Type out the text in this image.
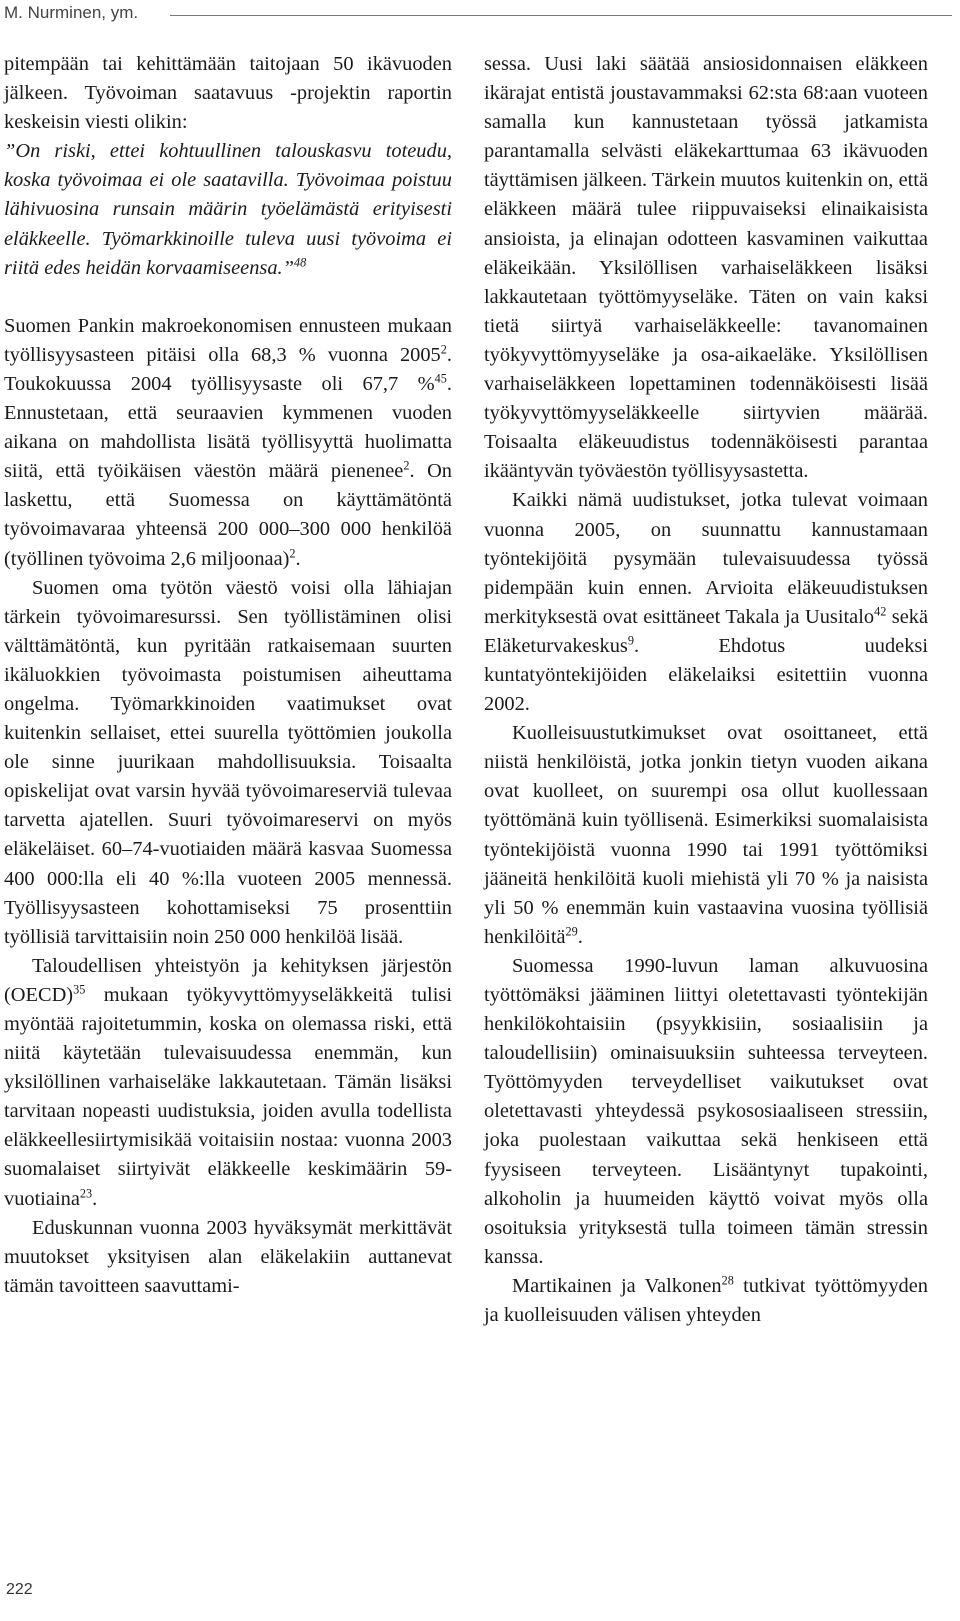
M. Nurminen, ym.

pitempään tai kehittämään taitojaan 50 ikävuoden jälkeen. Työvoiman saatavuus -projektin raportin keskeisin viesti olikin:

”On riski, ettei kohtuullinen talouskasvu toteudu, koska työvoimaa ei ole saatavilla. Työvoimaa poistuu lähivuosina runsain määrin työelämästä erityisesti eläkkeelle. Työmarkkinoille tuleva uusi työvoima ei riitä edes heidän korvaamiseensa.”$^{48}$

Suomen Pankin makroekonomisen ennusteen mukaan työllisyysasteen pitäisi olla 68,3 % vuonna 2005$^2$. Toukokuussa 2004 työllisyysaste oli 67,7 %$^{45}$. Ennustetaan, että seuraavien kymmenen vuoden aikana on mahdollista lisätä työllisyyttä huolimatta siitä, että työikäisen väestön määrä pienenee$^2$. On laskettu, että Suomessa on käyttämätöntä työvoimavaraa yhteensä 200 000–300 000 henkilöä (työllinen työvoima 2,6 miljoonaa)$^2$.

Suomen oma työtön väestö voisi olla lähiajan tärkein työvoimaresurssi. Sen työllistäminen olisi välttämätöntä, kun pyritään ratkaisemaan suurten ikäluokkien työvoimasta poistumisen aiheuttama ongelma. Työmarkkinoiden vaatimukset ovat kuitenkin sellaiset, ettei suurella työttömien joukolla ole sinne juurikaan mahdollisuuksia. Toisaalta opiskelijat ovat varsin hyvää työvoimareserviä tulevaa tarvetta ajatellen. Suuri työvoimareservi on myös eläkeläiset. 60–74-vuotiaiden määrä kasvaa Suomessa 400 000:lla eli 40 %:lla vuoteen 2005 mennessä. Työllisyysasteen kohottamiseksi 75 prosenttiin työllisiä tarvittaisiin noin 250 000 henkilöä lisää.

Taloudellisen yhteistyön ja kehityksen järjestön (OECD)$^{35}$ mukaan työkyvyttömyyseläkkeitä tulisi myöntää rajoitetummin, koska on olemassa riski, että niitä käytetään tulevaisuudessa enemmän, kun yksilöllinen varhaiseläke lakkautetaan. Tämän lisäksi tarvitaan nopeasti uudistuksia, joiden avulla todellista eläkkeellesiirtymisikää voitaisiin nostaa: vuonna 2003 suomalaiset siirtyivät eläkkeelle keskimäärin 59-vuotiaina$^{23}$.

Eduskunnan vuonna 2003 hyväksymät merkittävät muutokset yksityisen alan eläkelakiin auttanevat tämän tavoitteen saavuttami-

sessa. Uusi laki säätää ansiosidonnaisen eläkkeen ikärajat entistä joustavammaksi 62:sta 68:aan vuoteen samalla kun kannustetaan työssä jatkamista parantamalla selvästi eläkekarttumaa 63 ikävuoden täyttämisen jälkeen. Tärkein muutos kuitenkin on, että eläkkeen määrä tulee riippuvaiseksi elinaikaisista ansioista, ja elinajan odotteen kasvaminen vaikuttaa eläkeikään. Yksilöllisen varhaiseläkkeen lisäksi lakkautetaan työttömyyseläke. Täten on vain kaksi tietä siirtyä varhaiseläkkeelle: tavanomainen työkyvyttömyyseläke ja osa-aikaeläke. Yksilöllisen varhaiseläkkeen lopettaminen todennäköisesti lisää työkyvyttömyyseläkkeelle siirtyvien määrää. Toisaalta eläkeuudistus todennäköisesti parantaa ikääntyvän työväestön työllisyysastetta.

Kaikki nämä uudistukset, jotka tulevat voimaan vuonna 2005, on suunnattu kannustamaan työntekijöitä pysymään tulevaisuudessa työssä pidempään kuin ennen. Arvioita eläkeuudistuksen merkityksestä ovat esittäneet Takala ja Uusitalo$^{42}$ sekä Eläketurvakeskus$^9$. Ehdotus uudeksi kuntatyöntekijöiden eläkelaiksi esitettiin vuonna 2002.

Kuolleisuustutkimukset ovat osoittaneet, että niistä henkilöistä, jotka jonkin tietyn vuoden aikana ovat kuolleet, on suurempi osa ollut kuollessaan työttömänä kuin työllisenä. Esimerkiksi suomalaisista työntekijöistä vuonna 1990 tai 1991 työttömiksi jääneitä henkilöitä kuoli miehistä yli 70 % ja naisista yli 50 % enemmän kuin vastaavina vuosina työllisiä henkilöitä$^{29}$.

Suomessa 1990-luvun laman alkuvuosina työttömäksi jääminen liittyi oletettavasti työntekijän henkilökohtaisiin (psyykkisiin, sosiaalisiin ja taloudellisiin) ominaisuuksiin suhteessa terveyteen. Työttömyyden terveydelliset vaikutukset ovat oletettavasti yhteydessä psykososiaaliseen stressiin, joka puolestaan vaikuttaa sekä henkiseen että fyysiseen terveyteen. Lisääntynyt tupakointi, alkoholin ja huumeiden käyttö voivat myös olla osoituksia yrityksestä tulla toimeen tämän stressin kanssa.

Martikainen ja Valkonen$^{28}$ tutkivat työttömyyden ja kuolleisuuden välisen yhteyden

222
